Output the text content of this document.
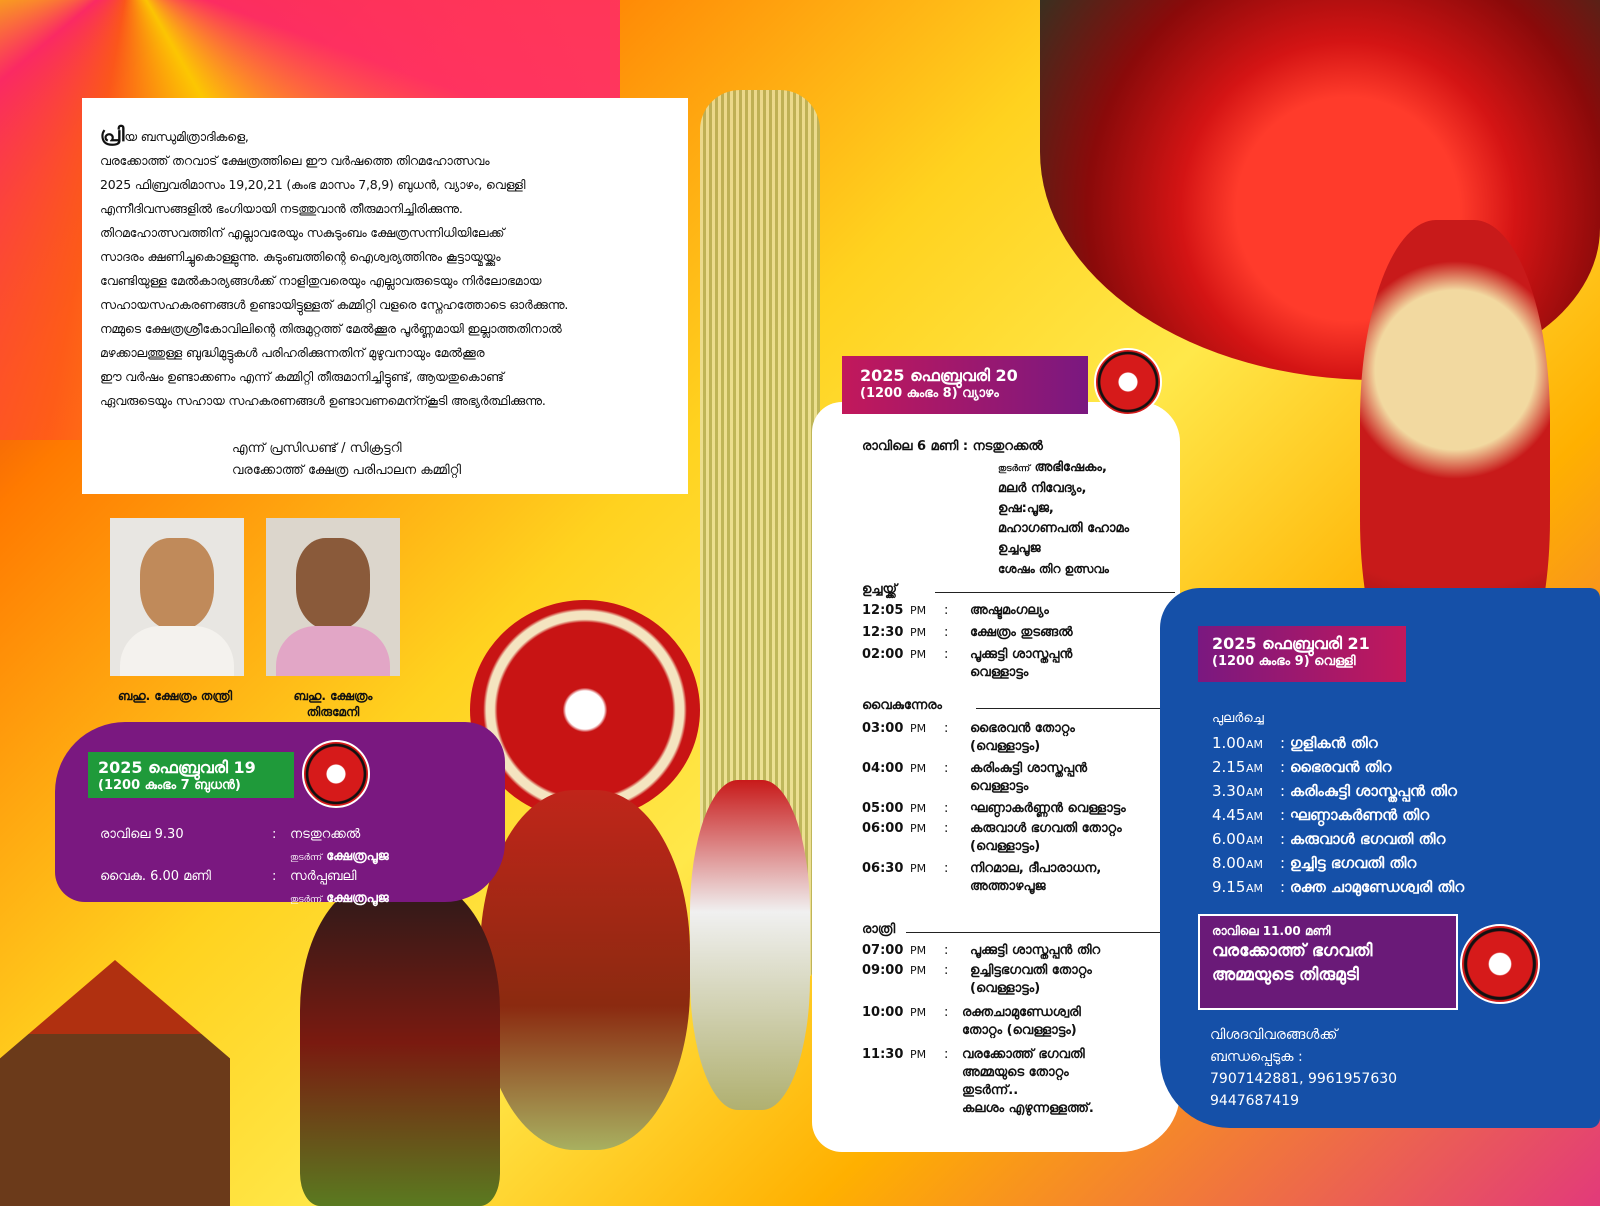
പ്രിയ ബന്ധുമിത്രാദികളെ,

വരക്കോത്ത് തറവാട് ക്ഷേത്രത്തിലെ ഈ വർഷത്തെ തിറമഹോത്സവം

2025 ഫിബ്രവരിമാസം 19,20,21 (കുംഭ മാസം 7,8,9) ബുധൻ, വ്യാഴം, വെള്ളി

എന്നീദിവസങ്ങളിൽ ഭംഗിയായി നടത്തുവാൻ തീരുമാനിച്ചിരിക്കുന്നു.

തിറമഹോത്സവത്തിന് എല്ലാവരേയും സകുടുംബം ക്ഷേത്രസന്നിധിയിലേക്ക്

സാദരം ക്ഷണിച്ചുകൊള്ളുന്നു. കുടുംബത്തിന്റെ ഐശ്വര്യത്തിനും കൂട്ടായ്മയ്ക്കും

വേണ്ടിയുള്ള മേൽകാര്യങ്ങൾക്ക് നാളിതുവരെയും എല്ലാവരുടെയും നിർലോഭമായ

സഹായസഹകരണങ്ങൾ ഉണ്ടായിട്ടുള്ളത് കമ്മിറ്റി വളരെ സ്നേഹത്തോടെ ഓർക്കുന്നു.

നമ്മുടെ ക്ഷേത്രശ്രീകോവിലിന്റെ തിരുമുറ്റത്ത് മേൽക്കൂര പൂർണ്ണമായി ഇല്ലാത്തതിനാൽ

മഴക്കാലത്തുള്ള ബുദ്ധിമുട്ടുകൾ പരിഹരിക്കുന്നതിന് മുഴുവനായും മേൽക്കൂര

ഈ വർഷം ഉണ്ടാക്കണം എന്ന് കമ്മിറ്റി തീരുമാനിച്ചിട്ടുണ്ട്, ആയതുകൊണ്ട്

ഏവരുടെയും സഹായ സഹകരണങ്ങൾ ഉണ്ടാവണമെന്ന്കൂടി അഭ്യർത്ഥിക്കുന്നു.

എന്ന് പ്രസിഡണ്ട് / സിക്രട്ടറി
വരക്കോത്ത് ക്ഷേത്ര പരിപാലന കമ്മിറ്റി
ബഹു. ക്ഷേത്രം തന്ത്രി	ബഹു. ക്ഷേത്രം
തിരുമേനി
2025 ഫെബ്രുവരി 19
(1200 കുംഭം 7 ബുധൻ)
രാവിലെ 9.30	: നടതുറക്കൽ
തുടർന്ന് ക്ഷേത്രപൂജ
വൈകു. 6.00 മണി	: സർപ്പബലി
തുടർന്ന് ക്ഷേത്രപൂജ
2025 ഫെബ്രുവരി 20
(1200 കുംഭം 8) വ്യാഴം
രാവിലെ 6 മണി : നടതുറക്കൽ
തുടർന്ന് അഭിഷേകം,
മലർ നിവേദ്യം,
ഉഷ:പൂജ,
മഹാഗണപതി ഹോമം
ഉച്ചപൂജ
ശേഷം തിറ ഉത്സവം
ഉച്ചയ്ക്ക്
12:05 PM : അഷ്ടമംഗല്യം
12:30 PM : ക്ഷേത്രം തുടങ്ങൽ
02:00 PM : പൂക്കുട്ടി ശാസ്തപ്പൻ
വെള്ളാട്ടം
വൈകുന്നേരം
03:00 PM : ഭൈരവൻ തോറ്റം
(വെള്ളാട്ടം)
04:00 PM : കരിംകുട്ടി ശാസ്തപ്പൻ
വെള്ളാട്ടം
05:00 PM : ഘണ്ഠാകർണ്ണൻ വെള്ളാട്ടം
06:00 PM : കരുവാൾ ഭഗവതി തോറ്റം
(വെള്ളാട്ടം)
06:30 PM : നിറമാല, ദീപാരാധന,
അത്താഴപൂജ
രാത്രി
07:00 PM : പൂക്കുട്ടി ശാസ്തപ്പൻ തിറ
09:00 PM : ഉച്ചിട്ടഭഗവതി തോറ്റം
(വെള്ളാട്ടം)
10:00 PM : രക്തചാമുണ്ഡേശ്വരി
തോറ്റം (വെള്ളാട്ടം)
11:30 PM : വരക്കോത്ത് ഭഗവതി
അമ്മയുടെ തോറ്റം
തുടർന്ന്..
കലശം എഴുന്നള്ളത്ത്.
2025 ഫെബ്രുവരി 21
(1200 കുംഭം 9) വെള്ളി
പുലർച്ചെ
1.00AM : ഗുളികൻ തിറ
2.15AM : ഭൈരവൻ തിറ
3.30AM : കരിംകുട്ടി ശാസ്തപ്പൻ തിറ
4.45AM : ഘണ്ഠാകർണൻ തിറ
6.00AM : കരുവാൾ ഭഗവതി തിറ
8.00AM : ഉച്ചിട്ട ഭഗവതി തിറ
9.15AM : രക്ത ചാമുണ്ഡേശ്വരി തിറ
രാവിലെ 11.00 മണി
വരക്കോത്ത് ഭഗവതി
അമ്മയുടെ തിരുമുടി
വിശദവിവരങ്ങൾക്ക്
ബന്ധപ്പെടുക :
7907142881, 9961957630
9447687419
